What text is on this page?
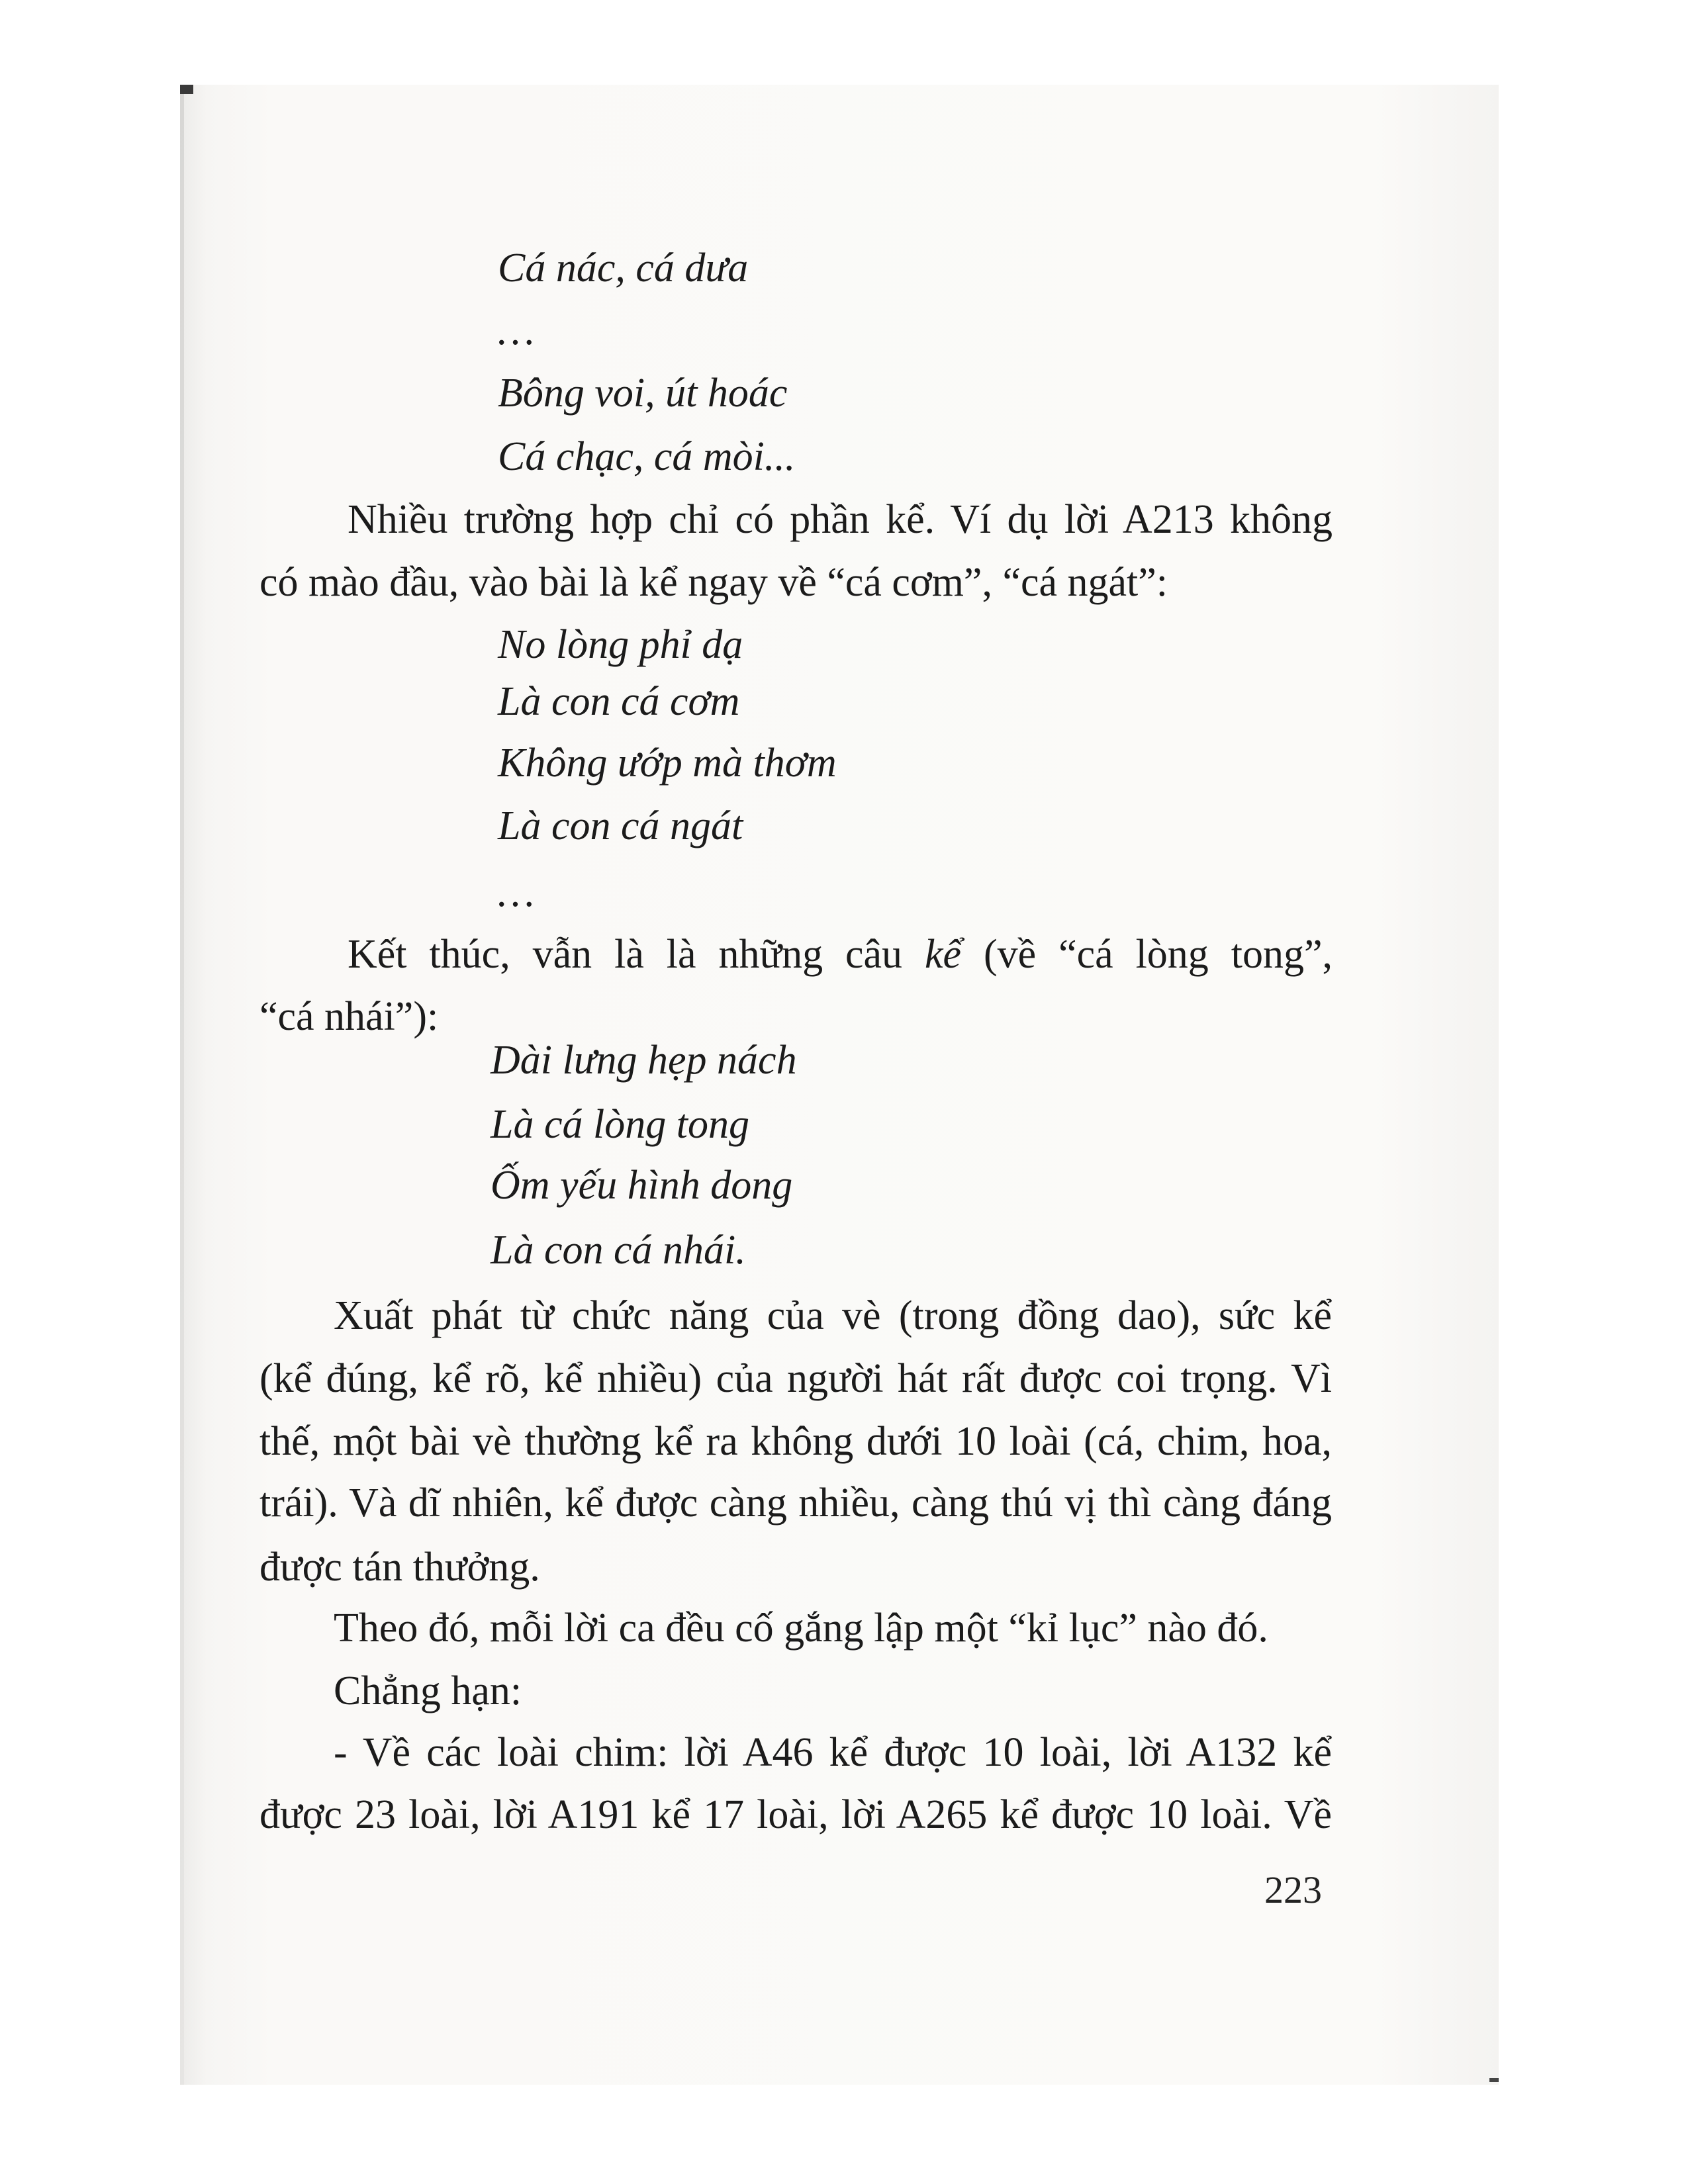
Cá nác, cá dưa
…
Bông voi, út hoác
Cá chạc, cá mòi...
Nhiều trường hợp chỉ có phần kể. Ví dụ lời A213 không
có mào đầu, vào bài là kể ngay về “cá cơm”, “cá ngát”:
No lòng phỉ dạ
Là con cá cơm
Không ướp mà thơm
Là con cá ngát
…
Kết thúc, vẫn là là những câu kể (về “cá lòng tong”,
“cá nhái”):
Dài lưng hẹp nách
Là cá lòng tong
Ốm yếu hình dong
Là con cá nhái.
Xuất phát từ chức năng của vè (trong đồng dao), sức kể
(kể đúng, kể rõ, kể nhiều) của người hát rất được coi trọng. Vì
thế, một bài vè thường kể ra không dưới 10 loài (cá, chim, hoa,
trái). Và dĩ nhiên, kể được càng nhiều, càng thú vị thì càng đáng
được tán thưởng.
Theo đó, mỗi lời ca đều cố gắng lập một “kỉ lục” nào đó.
Chẳng hạn:
- Về các loài chim: lời A46 kể được 10 loài, lời A132 kể
được 23 loài, lời A191 kể 17 loài, lời A265 kể được 10 loài. Về
223
